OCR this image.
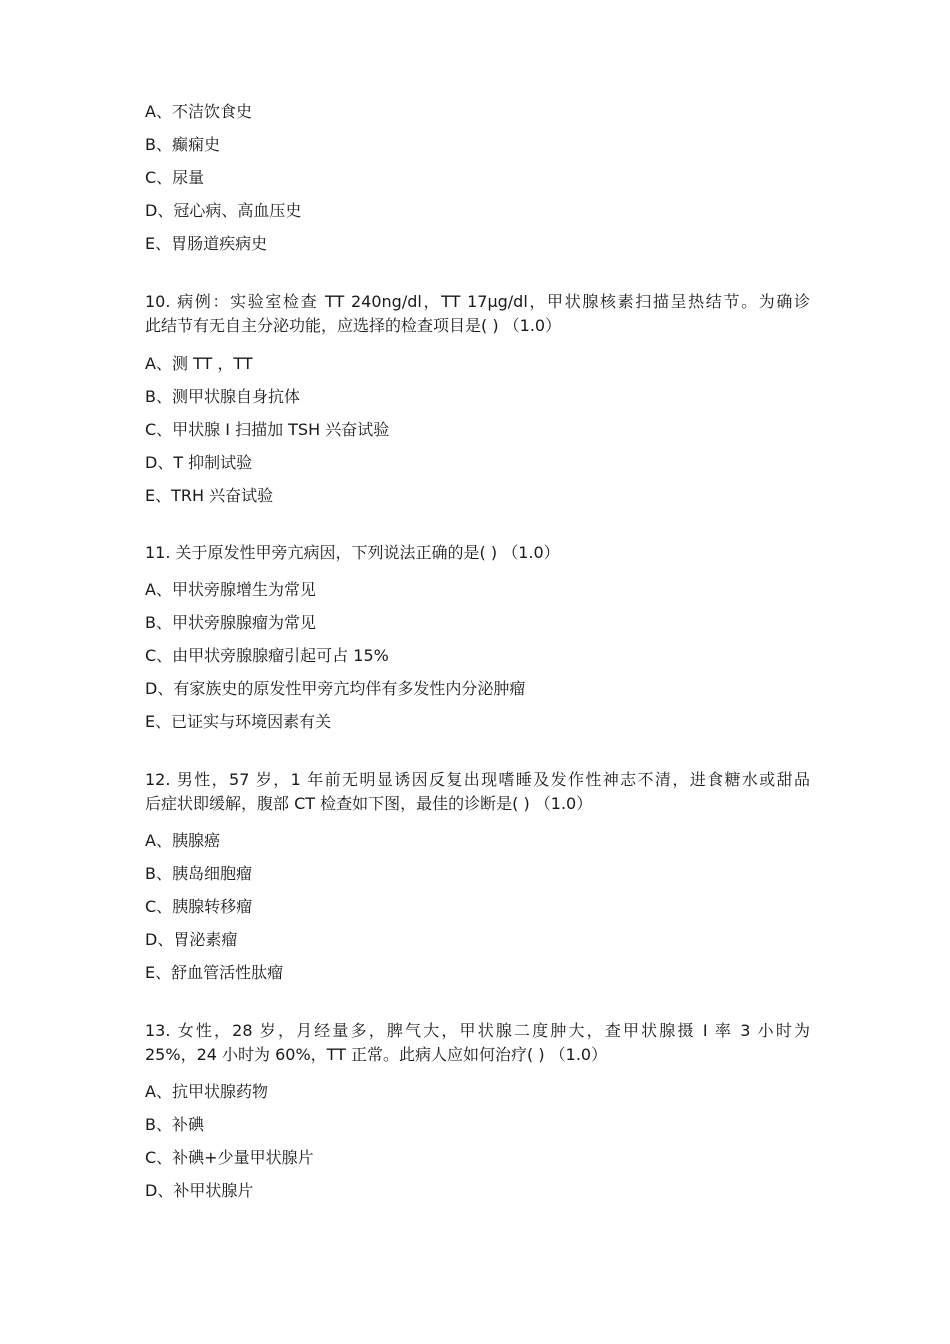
A、不洁饮食史
B、癫痫史
C、尿量
D、冠心病、高血压史
E、胃肠道疾病史

10. 病例：实验室检查 TT 240ng/dl，TT 17μg/dl，甲状腺核素扫描呈热结节。为确诊

此结节有无自主分泌功能，应选择的检查项目是( ) （1.0）

A、测 TT ，TT
B、测甲状腺自身抗体
C、甲状腺 I 扫描加 TSH 兴奋试验
D、T 抑制试验
E、TRH 兴奋试验
11. 关于原发性甲旁亢病因，下列说法正确的是( ) （1.0）
A、甲状旁腺增生为常见
B、甲状旁腺腺瘤为常见
C、由甲状旁腺腺瘤引起可占 15%
D、有家族史的原发性甲旁亢均伴有多发性内分泌肿瘤
E、已证实与环境因素有关

12. 男性，57 岁，1 年前无明显诱因反复出现嗜睡及发作性神志不清，进食糖水或甜品

后症状即缓解，腹部 CT 检查如下图，最佳的诊断是( ) （1.0）

A、胰腺癌
B、胰岛细胞瘤
C、胰腺转移瘤
D、胃泌素瘤
E、舒血管活性肽瘤

13. 女性，28 岁，月经量多，脾气大，甲状腺二度肿大，查甲状腺摄 I 率 3 小时为

25%，24 小时为 60%，TT 正常。此病人应如何治疗( ) （1.0）

A、抗甲状腺药物
B、补碘
C、补碘+少量甲状腺片
D、补甲状腺片
